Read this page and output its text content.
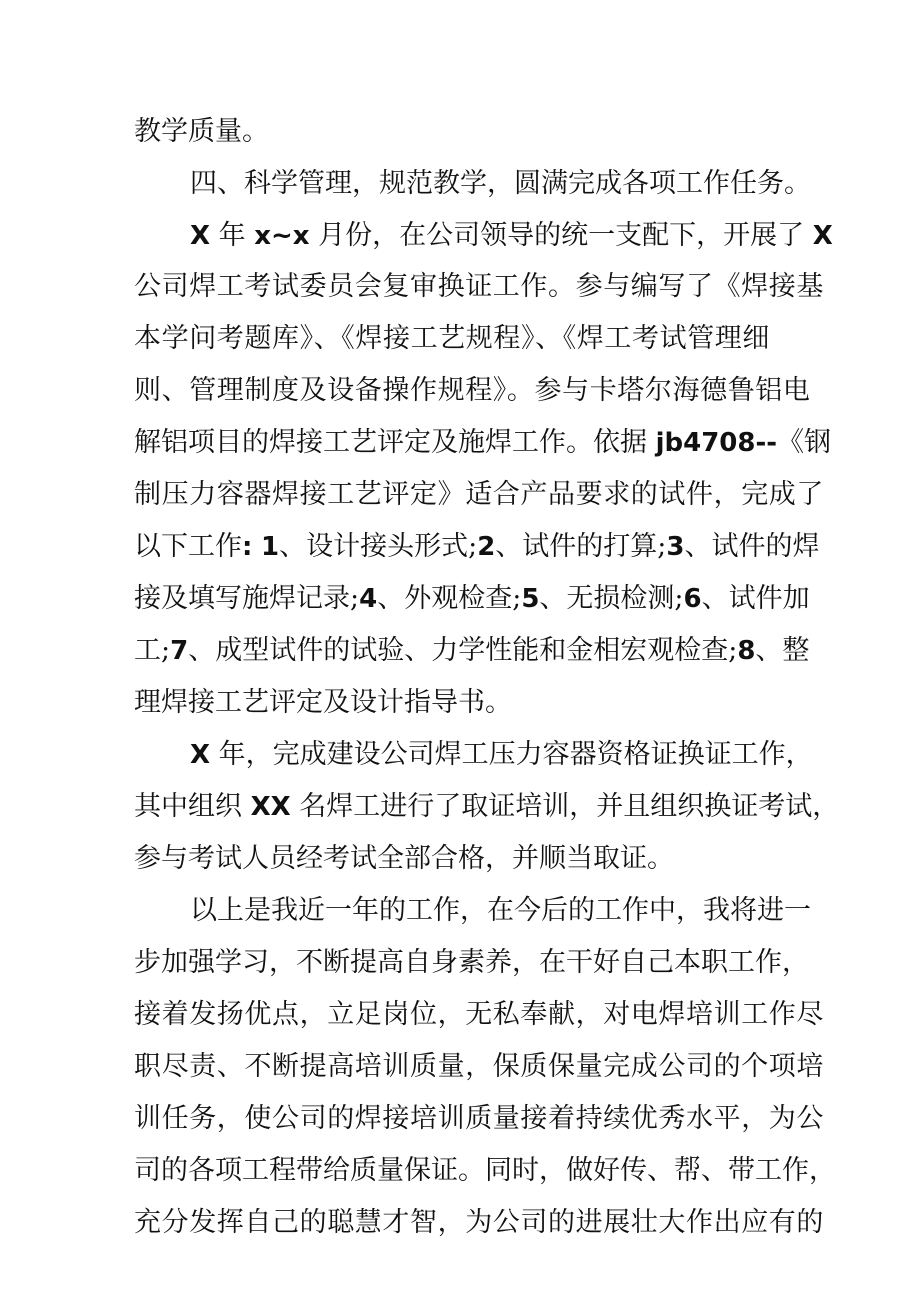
教学质量。

四、科学管理，规范教学，圆满完成各项工作任务。

X 年 x~x 月份，在公司领导的统一支配下，开展了 X

公司焊工考试委员会复审换证工作。参与编写了《焊接基

本学问考题库》、《焊接工艺规程》、《焊工考试管理细

则、管理制度及设备操作规程》。参与卡塔尔海德鲁铝电

解铝项目的焊接工艺评定及施焊工作。依据 jb4708--《钢

制压力容器焊接工艺评定》适合产品要求的试件，完成了

以下工作: 1、设计接头形式;2、试件的打算;3、试件的焊

接及填写施焊记录;4、外观检查;5、无损检测;6、试件加

工;7、成型试件的试验、力学性能和金相宏观检查;8、整

理焊接工艺评定及设计指导书。

X 年，完成建设公司焊工压力容器资格证换证工作，

其中组织 XX 名焊工进行了取证培训，并且组织换证考试，

参与考试人员经考试全部合格，并顺当取证。

以上是我近一年的工作，在今后的工作中，我将进一

步加强学习，不断提高自身素养，在干好自己本职工作，

接着发扬优点，立足岗位，无私奉献，对电焊培训工作尽

职尽责、不断提高培训质量，保质保量完成公司的个项培

训任务，使公司的焊接培训质量接着持续优秀水平，为公

司的各项工程带给质量保证。同时，做好传、帮、带工作，

充分发挥自己的聪慧才智，为公司的进展壮大作出应有的
